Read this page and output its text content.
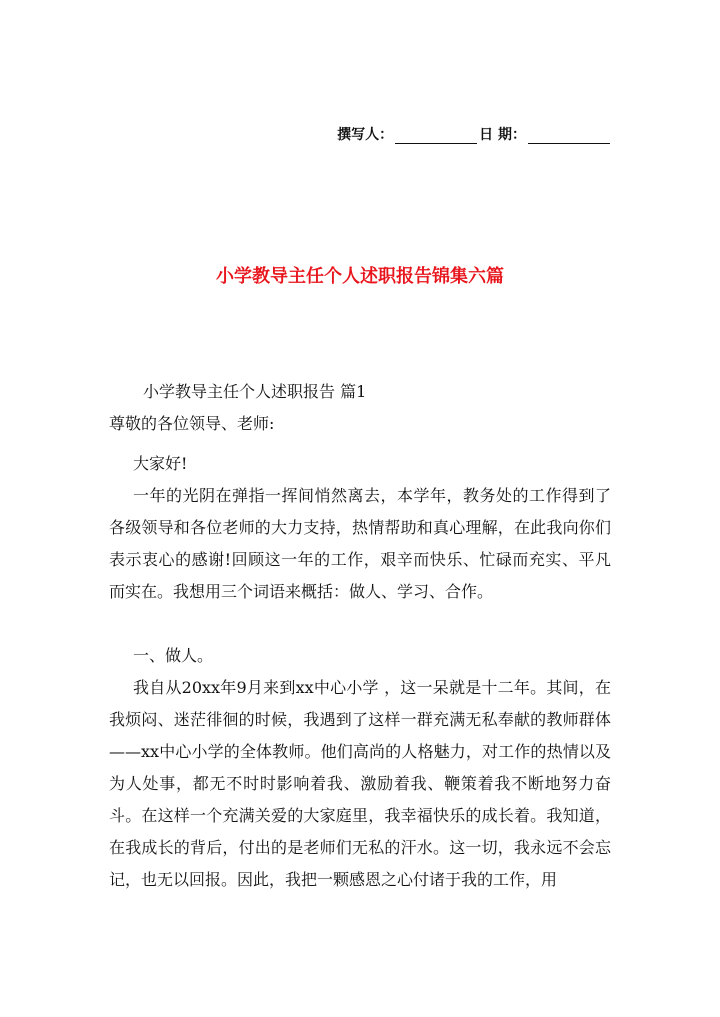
撰写人：	日 期：
小学教导主任个人述职报告锦集六篇
小学教导主任个人述职报告 篇1

尊敬的各位领导、老师:

大家好!

一年的光阴在弹指一挥间悄然离去，本学年，教务处的工作得到了各级领导和各位老师的大力支持，热情帮助和真心理解，在此我向你们表示衷心的感谢!回顾这一年的工作，艰辛而快乐、忙碌而充实、平凡而实在。我想用三个词语来概括：做人、学习、合作。

一、做人。

我自从20xx年9月来到xx中心小学 ，这一呆就是十二年。其间，在我烦闷、迷茫徘徊的时候，我遇到了这样一群充满无私奉献的教师群体——xx中心小学的全体教师。他们高尚的人格魅力，对工作的热情以及为人处事，都无不时时影响着我、激励着我、鞭策着我不断地努力奋斗。在这样一个充满关爱的大家庭里，我幸福快乐的成长着。我知道，在我成长的背后，付出的是老师们无私的汗水。这一切，我永远不会忘记，也无以回报。因此，我把一颗感恩之心付诸于我的工作，用
